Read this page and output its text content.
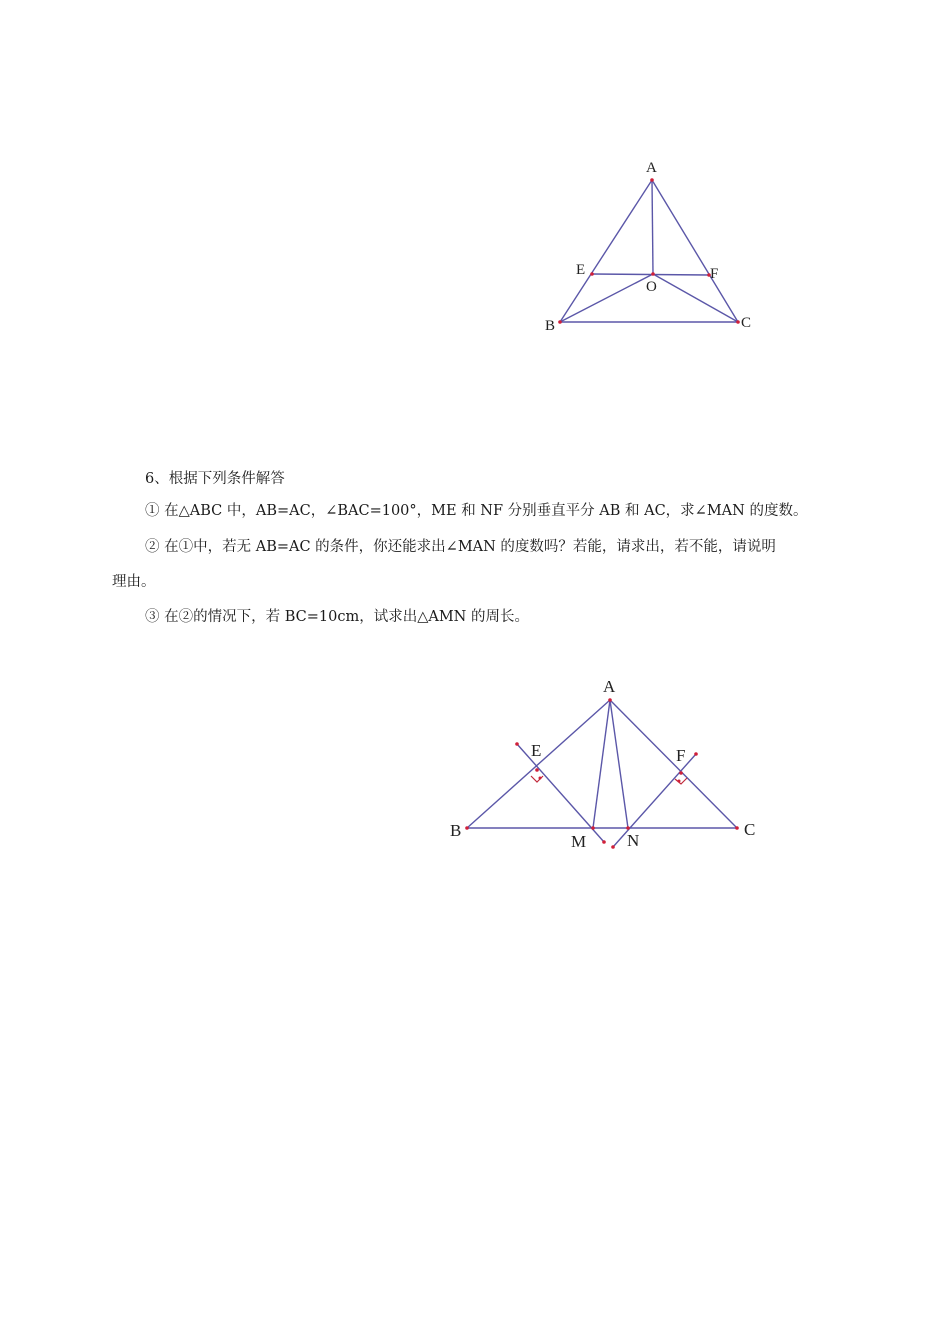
A
B	C
E	F
O
6、根据下列条件解答
① 在△ABC 中，AB=AC，∠BAC=100°，ME 和 NF 分别垂直平分 AB 和 AC，求∠MAN 的度数。
② 在①中，若无 AB=AC 的条件，你还能求出∠MAN 的度数吗？若能，请求出，若不能，请说明
理由。
③ 在②的情况下，若 BC=10cm，试求出△AMN 的周长。
A
B	C
E	F
M N
